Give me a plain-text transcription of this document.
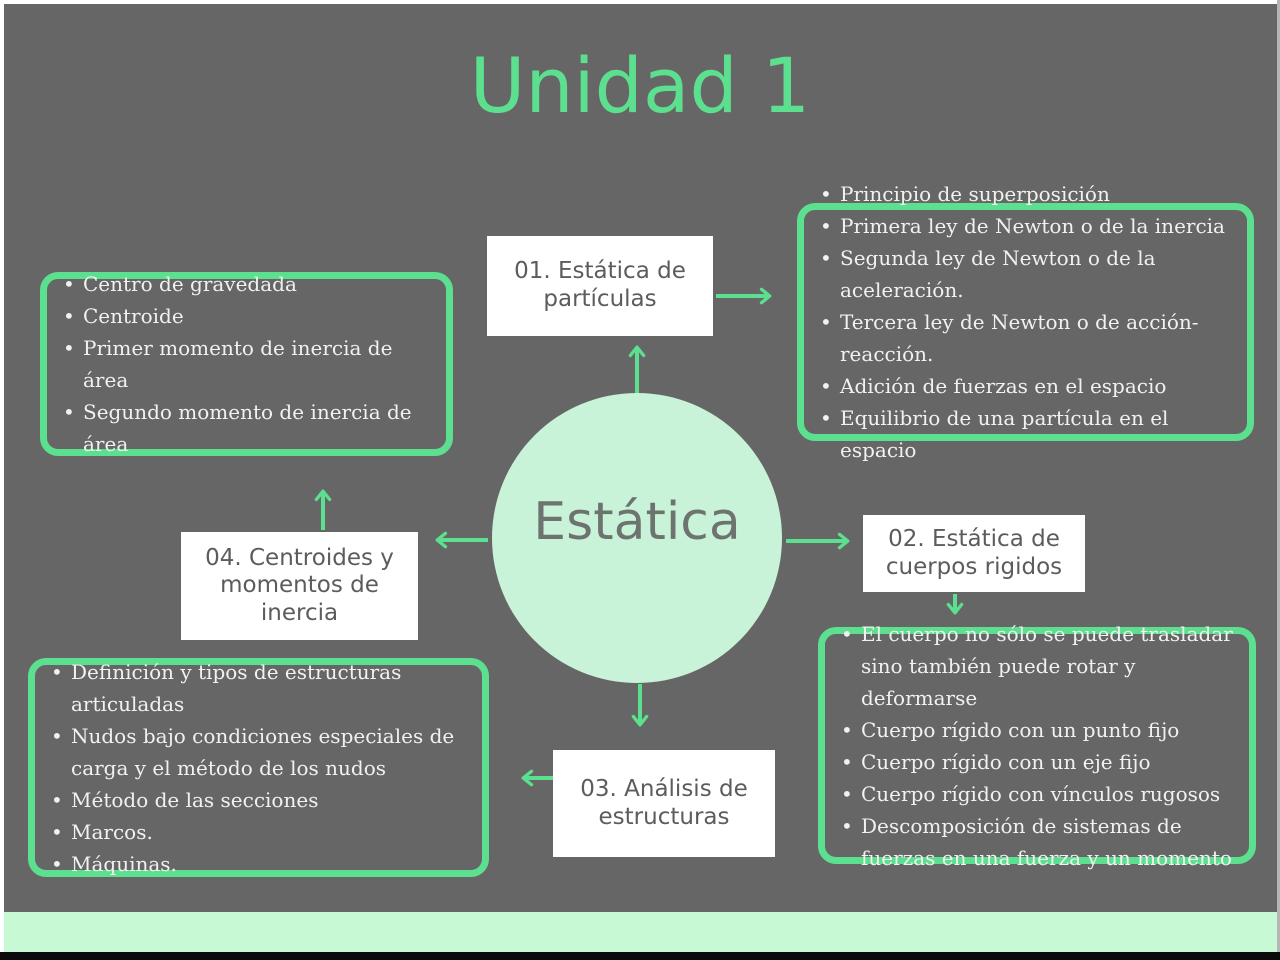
Unidad 1
• Principio de superposición
• Primera ley de Newton o de la inercia
• Segunda ley de Newton o de la aceleración.
• Tercera ley de Newton o de acción-reacción.
• Adición de fuerzas en el espacio
• Equilibrio de una partícula en el espacio
• Centro de gravedada
• Centroide
• Primer momento de inercia de área
• Segundo momento de inercia de área
• Definición y tipos de estructuras articuladas
• Nudos bajo condiciones especiales de carga y el método de los nudos
• Método de las secciones
• Marcos.
• Máquinas.
• El cuerpo no sólo se puede trasladar sino también puede rotar y deformarse
• Cuerpo rígido con un punto fijo
• Cuerpo rígido con un eje fijo
• Cuerpo rígido con vínculos rugosos
• Descomposición de sistemas de fuerzas en una fuerza y un momento
01. Estática de partículas
02. Estática de cuerpos rigidos
03. Análisis de estructuras
04. Centroides y momentos de inercia
Estática
